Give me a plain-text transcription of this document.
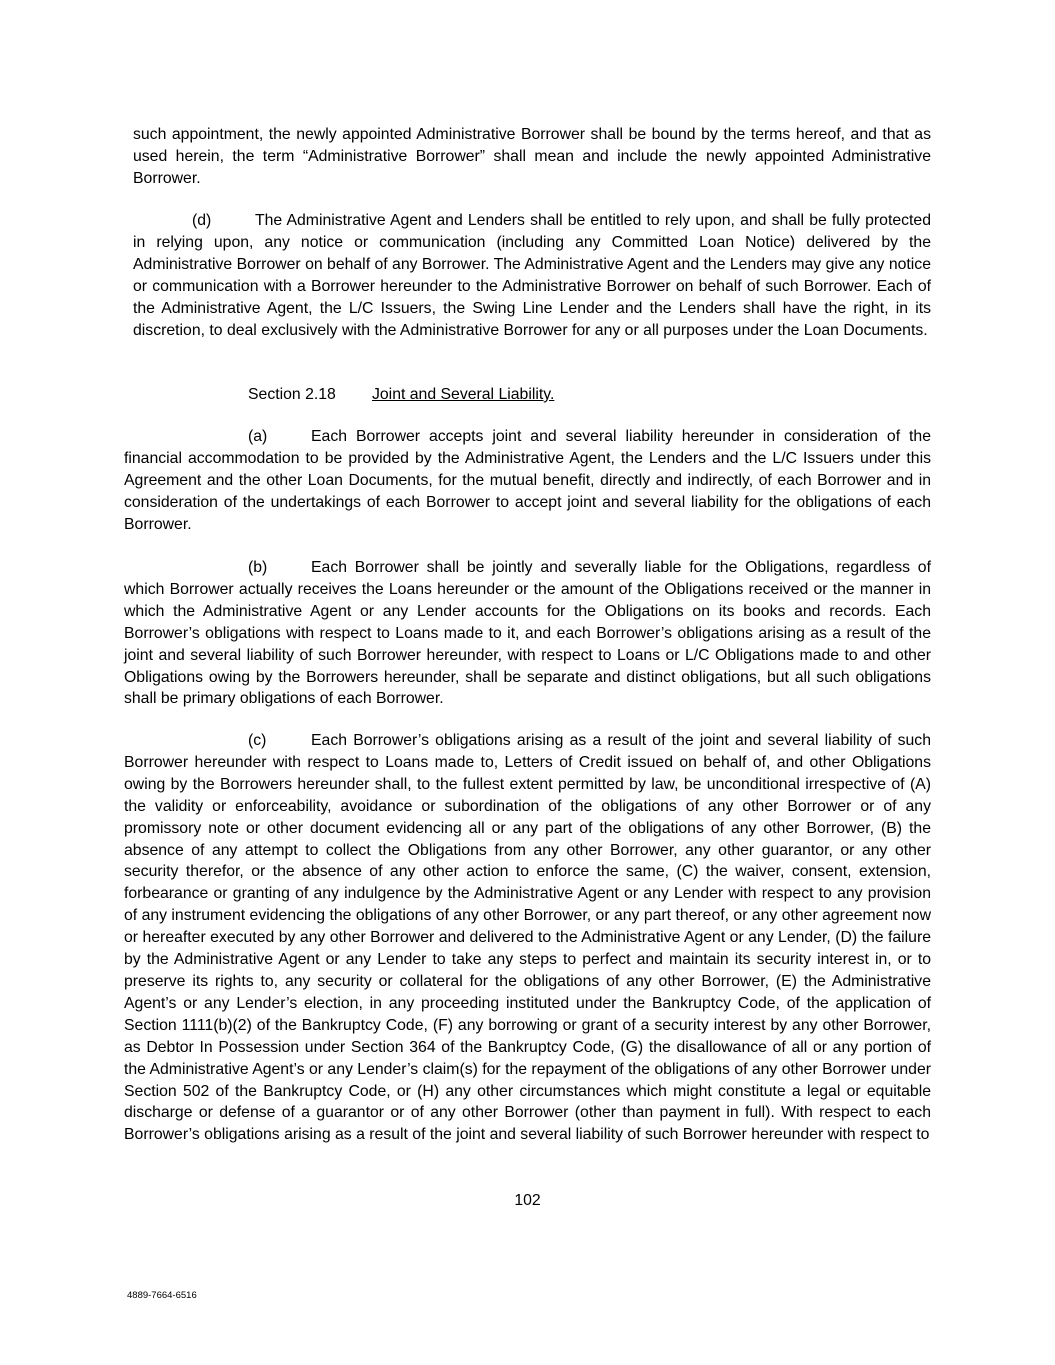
such appointment, the newly appointed Administrative Borrower shall be bound by the terms hereof, and that as used herein, the term “Administrative Borrower” shall mean and include the newly appointed Administrative Borrower.

(d)	The Administrative Agent and Lenders shall be entitled to rely upon, and shall be fully protected in relying upon, any notice or communication (including any Committed Loan Notice) delivered by the Administrative Borrower on behalf of any Borrower. The Administrative Agent and the Lenders may give any notice or communication with a Borrower hereunder to the Administrative Borrower on behalf of such Borrower. Each of the Administrative Agent, the L/C Issuers, the Swing Line Lender and the Lenders shall have the right, in its discretion, to deal exclusively with the Administrative Borrower for any or all purposes under the Loan Documents.

Section 2.18 Joint and Several Liability.

(a)	Each Borrower accepts joint and several liability hereunder in consideration of the financial accommodation to be provided by the Administrative Agent, the Lenders and the L/C Issuers under this Agreement and the other Loan Documents, for the mutual benefit, directly and indirectly, of each Borrower and in consideration of the undertakings of each Borrower to accept joint and several liability for the obligations of each Borrower.

(b)	Each Borrower shall be jointly and severally liable for the Obligations, regardless of which Borrower actually receives the Loans hereunder or the amount of the Obligations received or the manner in which the Administrative Agent or any Lender accounts for the Obligations on its books and records. Each Borrower’s obligations with respect to Loans made to it, and each Borrower’s obligations arising as a result of the joint and several liability of such Borrower hereunder, with respect to Loans or L/C Obligations made to and other Obligations owing by the Borrowers hereunder, shall be separate and distinct obligations, but all such obligations shall be primary obligations of each Borrower.

(c)	Each Borrower’s obligations arising as a result of the joint and several liability of such Borrower hereunder with respect to Loans made to, Letters of Credit issued on behalf of, and other Obligations owing by the Borrowers hereunder shall, to the fullest extent permitted by law, be unconditional irrespective of (A) the validity or enforceability, avoidance or subordination of the obligations of any other Borrower or of any promissory note or other document evidencing all or any part of the obligations of any other Borrower, (B) the absence of any attempt to collect the Obligations from any other Borrower, any other guarantor, or any other security therefor, or the absence of any other action to enforce the same, (C) the waiver, consent, extension, forbearance or granting of any indulgence by the Administrative Agent or any Lender with respect to any provision of any instrument evidencing the obligations of any other Borrower, or any part thereof, or any other agreement now or hereafter executed by any other Borrower and delivered to the Administrative Agent or any Lender, (D) the failure by the Administrative Agent or any Lender to take any steps to perfect and maintain its security interest in, or to preserve its rights to, any security or collateral for the obligations of any other Borrower, (E) the Administrative Agent’s or any Lender’s election, in any proceeding instituted under the Bankruptcy Code, of the application of Section 1111(b)(2) of the Bankruptcy Code, (F) any borrowing or grant of a security interest by any other Borrower, as Debtor In Possession under Section 364 of the Bankruptcy Code, (G) the disallowance of all or any portion of the Administrative Agent’s or any Lender’s claim(s) for the repayment of the obligations of any other Borrower under Section 502 of the Bankruptcy Code, or (H) any other circumstances which might constitute a legal or equitable discharge or defense of a guarantor or of any other Borrower (other than payment in full). With respect to each Borrower’s obligations arising as a result of the joint and several liability of such Borrower hereunder with respect to

102
4889-7664-6516
